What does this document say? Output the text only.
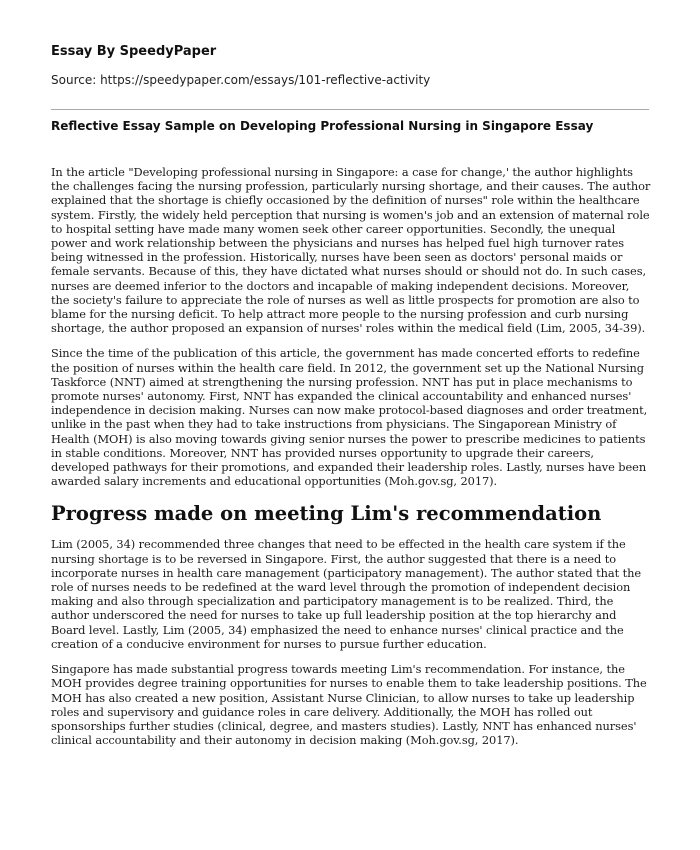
Essay By SpeedyPaper
Source: https://speedypaper.com/essays/101-reflective-activity
Reflective Essay Sample on Developing Professional Nursing in Singapore Essay

In the article "Developing professional nursing in Singapore: a case for change,' the author highlights the challenges facing the nursing profession, particularly nursing shortage, and their causes. The author explained that the shortage is chiefly occasioned by the definition of nurses" role within the healthcare system. Firstly, the widely held perception that nursing is women's job and an extension of maternal role to hospital setting have made many women seek other career opportunities. Secondly, the unequal power and work relationship between the physicians and nurses has helped fuel high turnover rates being witnessed in the profession. Historically, nurses have been seen as doctors' personal maids or female servants. Because of this, they have dictated what nurses should or should not do. In such cases, nurses are deemed inferior to the doctors and incapable of making independent decisions. Moreover, the society's failure to appreciate the role of nurses as well as little prospects for promotion are also to blame for the nursing deficit. To help attract more people to the nursing profession and curb nursing shortage, the author proposed an expansion of nurses' roles within the medical field (Lim, 2005, 34-39).

Since the time of the publication of this article, the government has made concerted efforts to redefine the position of nurses within the health care field. In 2012, the government set up the National Nursing Taskforce (NNT) aimed at strengthening the nursing profession. NNT has put in place mechanisms to promote nurses' autonomy. First, NNT has expanded the clinical accountability and enhanced nurses' independence in decision making. Nurses can now make protocol-based diagnoses and order treatment, unlike in the past when they had to take instructions from physicians. The Singaporean Ministry of Health (MOH) is also moving towards giving senior nurses the power to prescribe medicines to patients in stable conditions. Moreover, NNT has provided nurses opportunity to upgrade their careers, developed pathways for their promotions, and expanded their leadership roles. Lastly, nurses have been awarded salary increments and educational opportunities (Moh.gov.sg, 2017).

Progress made on meeting Lim's recommendation

Lim (2005, 34) recommended three changes that need to be effected in the health care system if the nursing shortage is to be reversed in Singapore. First, the author suggested that there is a need to incorporate nurses in health care management (participatory management). The author stated that the role of nurses needs to be redefined at the ward level through the promotion of independent decision making and also through specialization and participatory management is to be realized. Third, the author underscored the need for nurses to take up full leadership position at the top hierarchy and Board level. Lastly, Lim (2005, 34) emphasized the need to enhance nurses' clinical practice and the creation of a conducive environment for nurses to pursue further education.

Singapore has made substantial progress towards meeting Lim's recommendation. For instance, the MOH provides degree training opportunities for nurses to enable them to take leadership positions. The MOH has also created a new position, Assistant Nurse Clinician, to allow nurses to take up leadership roles and supervisory and guidance roles in care delivery. Additionally, the MOH has rolled out sponsorships further studies (clinical, degree, and masters studies). Lastly, NNT has enhanced nurses' clinical accountability and their autonomy in decision making (Moh.gov.sg, 2017).
